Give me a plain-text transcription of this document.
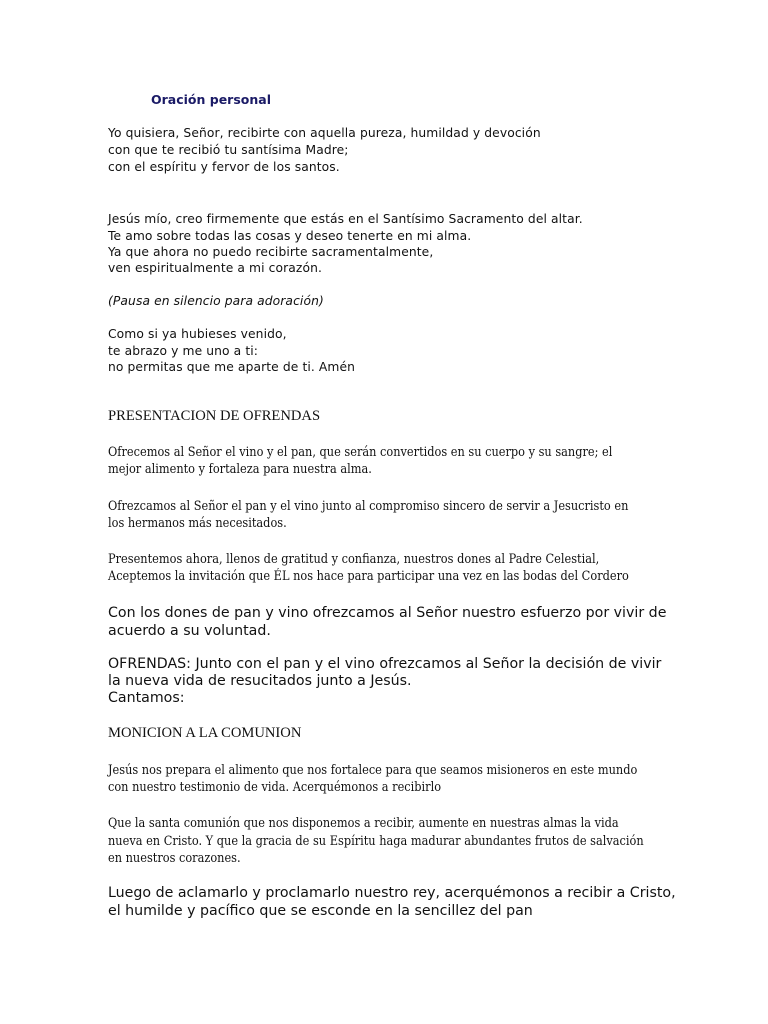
Oración personal

Yo quisiera, Señor, recibirte con aquella pureza, humildad y devoción

con que te recibió tu santísima Madre;

con el espíritu y fervor de los santos.

Jesús mío, creo firmemente que estás en el Santísimo Sacramento del altar.

Te amo sobre todas las cosas y deseo tenerte en mi alma.

Ya que ahora no puedo recibirte sacramentalmente,

ven espiritualmente a mi corazón.

(Pausa en silencio para adoración)

Como si ya hubieses venido,

te abrazo y me uno a ti:

no permitas que me aparte de ti. Amén

PRESENTACION DE OFRENDAS

Ofrecemos al Señor el vino y el pan, que serán convertidos en su cuerpo y su sangre; el

mejor alimento y fortaleza para nuestra alma.

Ofrezcamos al Señor el pan y el vino junto al compromiso sincero de servir a Jesucristo en

los hermanos más necesitados.

Presentemos ahora, llenos de gratitud y confianza, nuestros dones al Padre Celestial,

Aceptemos la invitación que ÉL nos hace para participar una vez en las bodas del Cordero

Con los dones de pan y vino ofrezcamos al Señor nuestro esfuerzo por vivir de

acuerdo a su voluntad.

OFRENDAS: Junto con el pan y el vino ofrezcamos al Señor la decisión de vivir

la nueva vida de resucitados junto a Jesús.

Cantamos:

MONICION A LA COMUNION

Jesús nos prepara el alimento que nos fortalece para que seamos misioneros en este mundo

con nuestro testimonio de vida. Acerquémonos a recibirlo

Que la santa comunión que nos disponemos a recibir, aumente en nuestras almas la vida

nueva en Cristo. Y que la gracia de su Espíritu haga madurar abundantes frutos de salvación

en nuestros corazones.

Luego de aclamarlo y proclamarlo nuestro rey, acerquémonos a recibir a Cristo,

el humilde y pacífico que se esconde en la sencillez del pan
